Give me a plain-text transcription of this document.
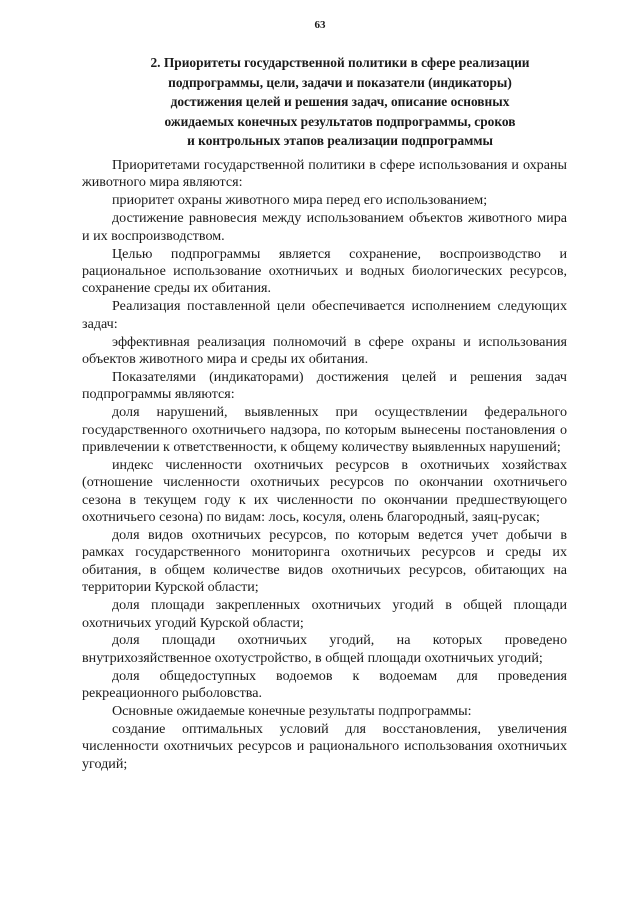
63
2. Приоритеты государственной политики в сфере реализации
подпрограммы, цели, задачи и показатели (индикаторы)
достижения целей и решения задач, описание основных
ожидаемых конечных результатов подпрограммы, сроков
и контрольных этапов реализации подпрограммы

Приоритетами государственной политики в сфере использования и охраны животного мира являются:

приоритет охраны животного мира перед его использованием;

достижение равновесия между использованием объектов животного мира и их воспроизводством.

Целью подпрограммы является сохранение, воспроизводство и рациональное использование охотничьих и водных биологических ресурсов, сохранение среды их обитания.

Реализация поставленной цели обеспечивается исполнением следующих задач:

эффективная реализация полномочий в сфере охраны и использования объектов животного мира и среды их обитания.

Показателями (индикаторами) достижения целей и решения задач подпрограммы являются:

доля нарушений, выявленных при осуществлении федерального государственного охотничьего надзора, по которым вынесены постановления о привлечении к ответственности, к общему количеству выявленных нарушений;

индекс численности охотничьих ресурсов в охотничьих хозяйствах (отношение численности охотничьих ресурсов по окончании охотничьего сезона в текущем году к их численности по окончании предшествующего охотничьего сезона) по видам: лось, косуля, олень благородный, заяц-русак;

доля видов охотничьих ресурсов, по которым ведется учет добычи в рамках государственного мониторинга охотничьих ресурсов и среды их обитания, в общем количестве видов охотничьих ресурсов, обитающих на территории Курской области;

доля площади закрепленных охотничьих угодий в общей площади охотничьих угодий Курской области;

доля площади охотничьих угодий, на которых проведено внутрихозяйственное охотустройство, в общей площади охотничьих угодий;

доля общедоступных водоемов к водоемам для проведения рекреационного рыболовства.

Основные ожидаемые конечные результаты подпрограммы:

создание оптимальных условий для восстановления, увеличения численности охотничьих ресурсов и рационального использования охотничьих угодий;
